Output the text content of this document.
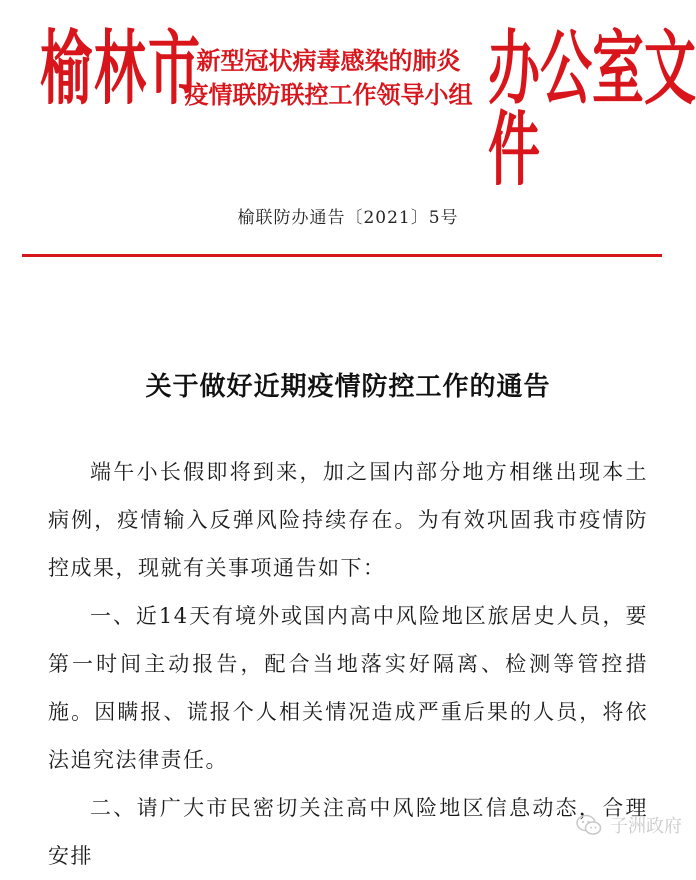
榆林市
新型冠状病毒感染的肺炎
疫情联防联控工作领导小组 办公室文件
榆联防办通告〔2021〕5号
关于做好近期疫情防控工作的通告

端午小长假即将到来，加之国内部分地方相继出现本土病例，疫情输入反弹风险持续存在。为有效巩固我市疫情防控成果，现就有关事项通告如下：

一、近14天有境外或国内高中风险地区旅居史人员，要第一时间主动报告，配合当地落实好隔离、检测等管控措施。因瞒报、谎报个人相关情况造成严重后果的人员，将依法追究法律责任。

二、请广大市民密切关注高中风险地区信息动态，合理安排

子洲政府
